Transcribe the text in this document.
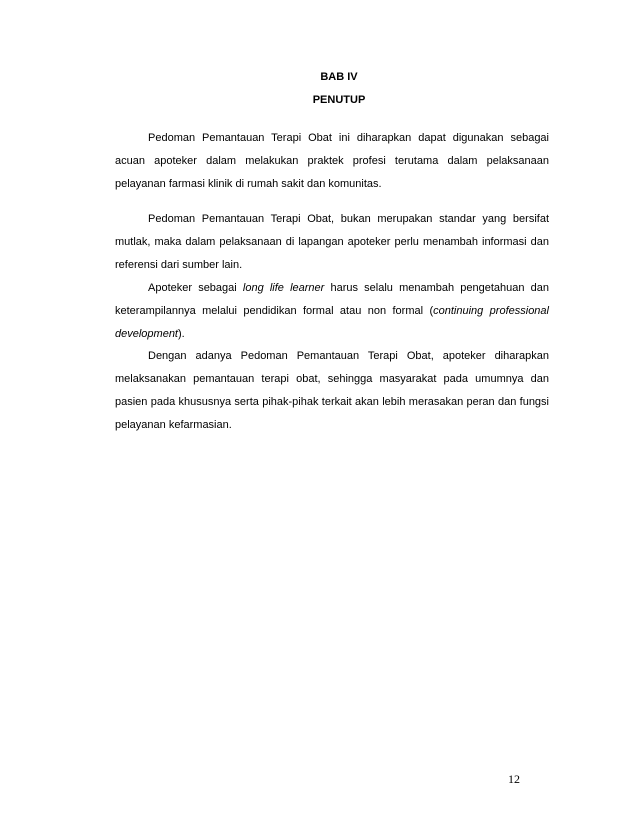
BAB IV
PENUTUP

Pedoman Pemantauan Terapi Obat ini diharapkan dapat digunakan sebagai acuan apoteker dalam melakukan praktek profesi terutama dalam pelaksanaan pelayanan farmasi klinik di rumah sakit dan komunitas.

Pedoman Pemantauan Terapi Obat, bukan merupakan standar yang bersifat mutlak, maka dalam pelaksanaan di lapangan apoteker perlu menambah informasi dan referensi dari sumber lain.

Apoteker sebagai long life learner harus selalu menambah pengetahuan dan keterampilannya melalui pendidikan formal atau non formal (continuing professional development).

Dengan adanya Pedoman Pemantauan Terapi Obat, apoteker diharapkan melaksanakan pemantauan terapi obat, sehingga masyarakat pada umumnya dan pasien pada khususnya serta pihak-pihak terkait akan lebih merasakan peran dan fungsi pelayanan kefarmasian.

12
